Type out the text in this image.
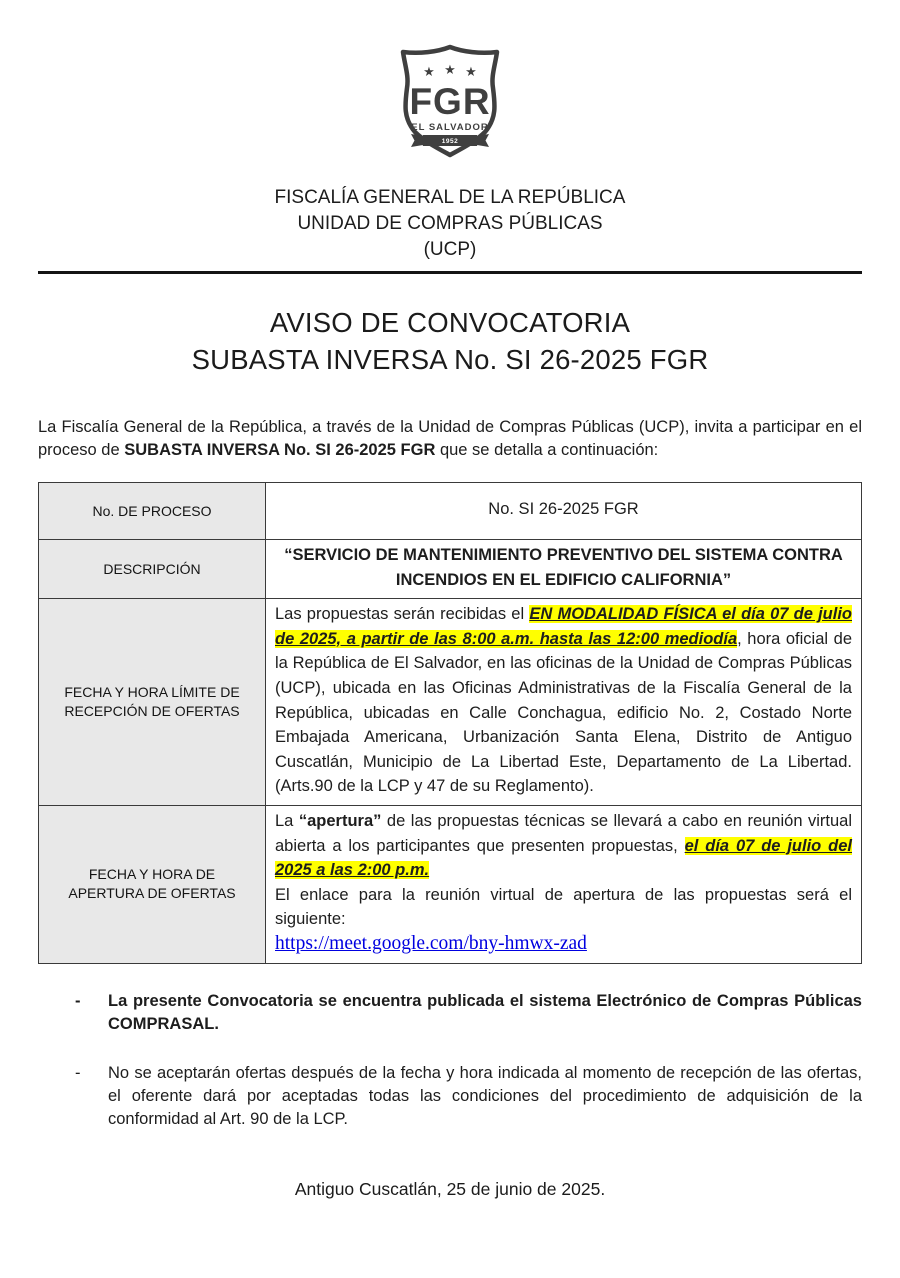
★ ★ ★
FGR
EL SALVADOR
1952
FISCALÍA GENERAL DE LA REPÚBLICA
UNIDAD DE COMPRAS PÚBLICAS
(UCP)
AVISO DE CONVOCATORIA
SUBASTA INVERSA No. SI 26-2025 FGR

La Fiscalía General de la República, a través de la Unidad de Compras Públicas (UCP), invita a participar en el proceso de SUBASTA INVERSA No. SI 26-2025 FGR que se detalla a continuación:

No. DE PROCESO	No. SI 26-2025 FGR
DESCRIPCIÓN	“SERVICIO DE MANTENIMIENTO PREVENTIVO DEL SISTEMA CONTRA INCENDIOS EN EL EDIFICIO CALIFORNIA”
FECHA Y HORA LÍMITE DE RECEPCIÓN DE OFERTAS	Las propuestas serán recibidas el EN MODALIDAD FÍSICA el día 07 de julio de 2025, a partir de las 8:00 a.m. hasta las 12:00 mediodía, hora oficial de la República de El Salvador, en las oficinas de la Unidad de Compras Públicas (UCP), ubicada en las Oficinas Administrativas de la Fiscalía General de la República, ubicadas en Calle Conchagua, edificio No. 2, Costado Norte Embajada Americana, Urbanización Santa Elena, Distrito de Antiguo Cuscatlán, Municipio de La Libertad Este, Departamento de La Libertad. (Arts.90 de la LCP y 47 de su Reglamento).
FECHA Y HORA DE APERTURA DE OFERTAS	La “apertura” de las propuestas técnicas se llevará a cabo en reunión virtual abierta a los participantes que presenten propuestas, el día 07 de julio del 2025 a las 2:00 p.m.
El enlace para la reunión virtual de apertura de las propuestas será el siguiente:
https://meet.google.com/bny-hmwx-zad
-	La presente Convocatoria se encuentra publicada el sistema Electrónico de Compras Públicas COMPRASAL.
-	No se aceptarán ofertas después de la fecha y hora indicada al momento de recepción de las ofertas, el oferente dará por aceptadas todas las condiciones del procedimiento de adquisición de la conformidad al Art. 90 de la LCP.
Antiguo Cuscatlán, 25 de junio de 2025.
